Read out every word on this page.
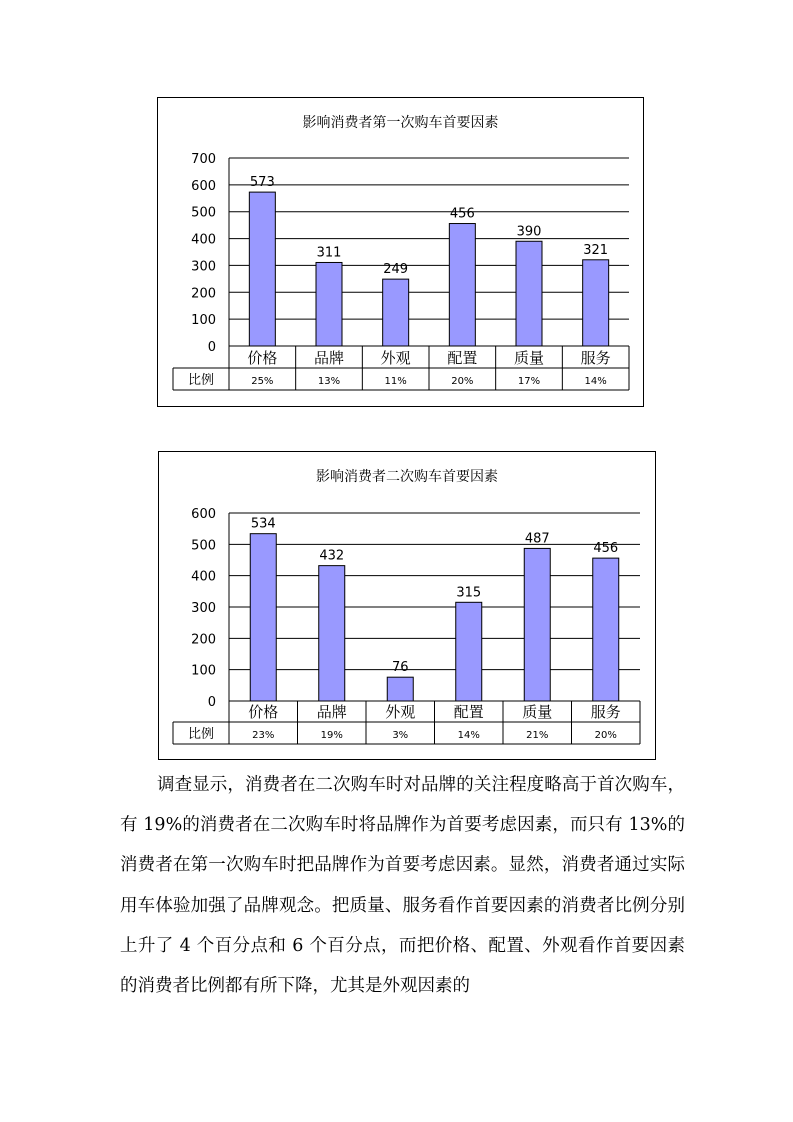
影响消费者第一次购车首要因素
0
100
200
300
400
500
600
700
573
311
249
456
390
321
比例
价格
25%
品牌
13%
外观
11%
配置
20%
质量
17%
服务
14%
影响消费者二次购车首要因素
0
100
200
300
400
500
600
534
432
76
315
487
456
比例
价格
23%
品牌
19%
外观
3%
配置
14%
质量
21%
服务
20%
调查显示，消费者在二次购车时对品牌的关注程度略高于首次购车，有 19%的消费者在二次购车时将品牌作为首要考虑因素，而只有 13%的消费者在第一次购车时把品牌作为首要考虑因素。显然，消费者通过实际用车体验加强了品牌观念。把质量、服务看作首要因素的消费者比例分别上升了 4 个百分点和 6 个百分点，而把价格、配置、外观看作首要因素的消费者比例都有所下降，尤其是外观因素的
